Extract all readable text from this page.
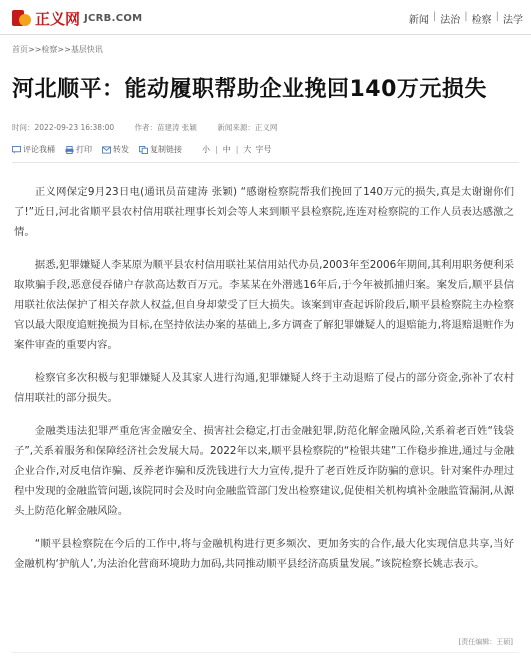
正义网 JCRB.COM	新闻 | 法治 | 检察 | 法学
首页>>检察>>基层快讯
河北顺平：能动履职帮助企业挽回140万元损失
时间：2022-09-23 16:38:00	作者：苗建涛 张颖	新闻来源：正义网
评论我桶	打印	转发	复制链接	小 | 中 | 大 字号

正义网保定9月23日电(通讯员苗建涛 张颖) “感谢检察院帮我们挽回了140万元的损失,真是太谢谢你们了!”近日,河北省顺平县农村信用联社理事长刘会等人来到顺平县检察院,连连对检察院的工作人员表达感激之情。

据悉,犯罪嫌疑人李某原为顺平县农村信用联社某信用站代办员,2003年至2006年期间,其利用职务便利采取欺骗手段,恶意侵吞储户存款高达数百万元。李某某在外潜逃16年后,于今年被抓捕归案。案发后,顺平县信用联社依法保护了相关存款人权益,但自身却蒙受了巨大损失。该案到审查起诉阶段后,顺平县检察院主办检察官以最大限度追赃挽损为目标,在坚持依法办案的基础上,多方调查了解犯罪嫌疑人的退赔能力,将退赔退赃作为案件审查的重要内容。

检察官多次积极与犯罪嫌疑人及其家人进行沟通,犯罪嫌疑人终于主动退赔了侵占的部分资金,弥补了农村信用联社的部分损失。

金融类违法犯罪严重危害金融安全、损害社会稳定,打击金融犯罪,防范化解金融风险,关系着老百姓“钱袋子”,关系着服务和保障经济社会发展大局。2022年以来,顺平县检察院的“检银共建”工作稳步推进,通过与金融企业合作,对反电信诈骗、反养老诈骗和反洗钱进行大力宣传,提升了老百姓反诈防骗的意识。针对案件办理过程中发现的金融监管问题,该院同时会及时向金融监管部门发出检察建议,促使相关机构填补金融监管漏洞,从源头上防范化解金融风险。

“顺平县检察院在今后的工作中,将与金融机构进行更多频次、更加务实的合作,最大化实现信息共享,当好金融机构‘护航人’,为法治化营商环境助力加码,共同推动顺平县经济高质量发展。”该院检察长姚志表示。

[责任编辑：王硕]
